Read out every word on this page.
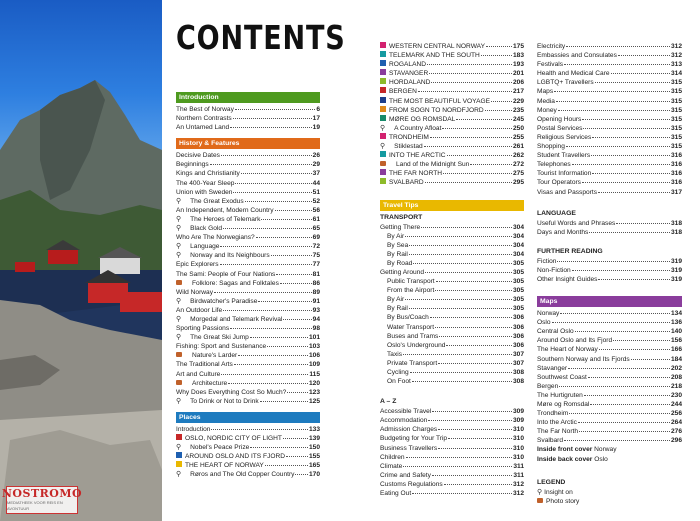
NOSTROMO
MEDIATHEEK VOOR REIS EN AVONTUUR
CONTENTS
Introduction
The Best of Norway	6
Northern Contrasts	17
An Untamed Land	19
History & Features
Decisive Dates	26
Beginnings	29
Kings and Christianity	37
The 400-Year Sleep	44
Union with Sweden	51
⚲	The Great Exodus	52
An Independent, Modern Country	56
⚲	The Heroes of Telemark	61
⚲	Black Gold	65
Who Are The Norwegians?	69
⚲	Language	72
⚲	Norway and Its Neighbours	75
Epic Explorers	77
The Sami: People of Four Nations	81
Folklore: Sagas and Folktales	86
Wild Norway	89
⚲	Birdwatcher's Paradise	91
An Outdoor Life	93
⚲	Morgedal and Telemark Revival	94
Sporting Passions	98
⚲	The Great Ski Jump	101
Fishing: Sport and Sustenance	103
Nature's Larder	106
The Traditional Arts	109
Art and Culture	115
Architecture	120
Why Does Everything Cost So Much?	123
⚲	To Drink or Not to Drink	125
Places
Introduction	133
OSLO, NORDIC CITY OF LIGHT	139
⚲	Nobel's Peace Prize	150
AROUND OSLO AND ITS FJORD	155
THE HEART OF NORWAY	165
⚲	Røros and The Old Copper Country 170
WESTERN CENTRAL NORWAY	175
TELEMARK AND THE SOUTH	183
ROGALAND	193
STAVANGER	201
HORDALAND	206
BERGEN	217
THE MOST BEAUTIFUL VOYAGE	229
FROM SOGN TO NORDFJORD	235
MØRE OG ROMSDAL	245
⚲	A Country Afloat	250
TRONDHEIM	255
⚲	Stiklestad	261
INTO THE ARCTIC	262
Land of the Midnight Sun	272
THE FAR NORTH	275
SVALBARD	295
Travel Tips
TRANSPORT
Getting There	304
By Air	304
By Sea	304
By Rail	304
By Road	305
Getting Around	305
Public Transport	305
From the Airport	305
By Air	305
By Rail	305
By Bus/Coach	306
Water Transport	306
Buses and Trams	306
Oslo's Underground	306
Taxis	307
Private Transport	307
Cycling	308
On Foot	308
A – Z
Accessible Travel	309
Accommodation	309
Admission Charges	310
Budgeting for Your Trip	310
Business Travellers	310
Children	310
Climate	311
Crime and Safety	311
Customs Regulations	312
Eating Out	312
Electricity	312
Embassies and Consulates	312
Festivals	313
Health and Medical Care	314
LGBTQ+ Travellers	315
Maps	315
Media	315
Money	315
Opening Hours	315
Postal Services	315
Religious Services	315
Shopping	315
Student Travellers	316
Telephones	316
Tourist Information	316
Tour Operators	316
Visas and Passports	317
LANGUAGE
Useful Words and Phrases	318
Days and Months	318
FURTHER READING
Fiction	319
Non-Fiction	319
Other Insight Guides	319
Maps
Norway	134
Oslo	136
Central Oslo	140
Around Oslo and Its Fjord	156
The Heart of Norway	166
Southern Norway and Its Fjords	184
Stavanger	202
Southwest Coast	208
Bergen	218
The Hurtigruten	230
Møre og Romsdal	244
Trondheim	256
Into the Arctic	264
The Far North	276
Svalbard	296
Inside front cover
Norway
Inside back cover
Oslo
LEGEND
⚲ Insight on
Photo story
